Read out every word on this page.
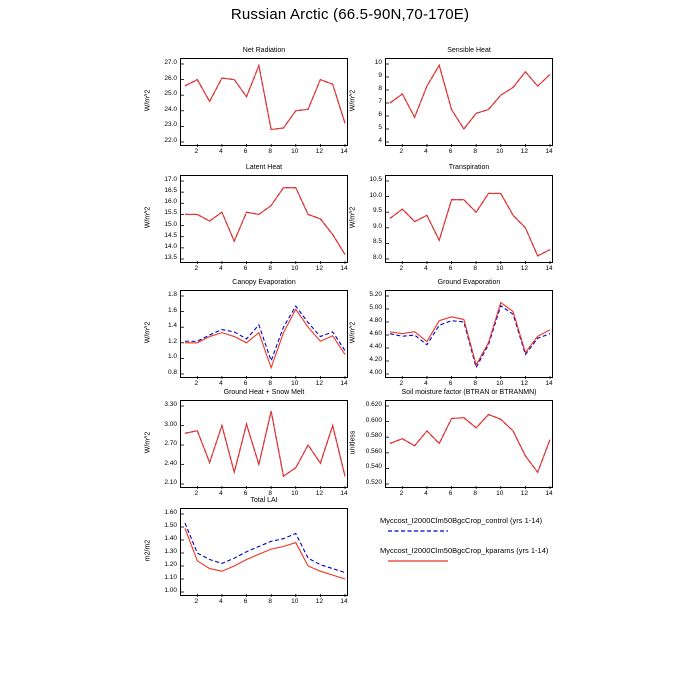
Russian Arctic (66.5-90N,70-170E)
Net Radiation
22.0
23.0
24.0
25.0
26.0
27.0
2	4	6	8	10	12	14
W/m^2
Sensible Heat
4
5
6
7
8
9
10
2	4	6	8	10	12	14
W/m^2
Latent Heat
13.5
14.0
14.5
15.0
15.5
16.0
16.5
17.0
2	4	6	8	10	12	14
W/m^2
Transpiration
8.0
8.5
9.0
9.5
10.0
10.5
2	4	6	8	10	12	14
W/m^2
Canopy Evaporation
0.8
1.0
1.2
1.4
1.6
1.8
2	4	6	8	10	12	14
W/m^2
Ground Evaporation
4.00
4.20
4.40
4.60
4.80
5.00
5.20
2	4	6	8	10	12	14
W/m^2
Ground Heat + Snow Melt
2.10
2.40
2.70
3.00
3.30
2	4	6	8	10	12	14
W/m^2
Soil moisture factor (BTRAN or BTRANMN)
0.520
0.540
0.560
0.580
0.600
0.620
2	4	6	8	10	12	14
unitless
Total LAI
1.00
1.10
1.20
1.30
1.40
1.50
1.60
2	4	6	8	10	12	14
m2/m2
Myccost_I2000Clm50BgcCrop_control (yrs 1-14)
Myccost_I2000Clm50BgcCrop_kparams (yrs 1-14)
